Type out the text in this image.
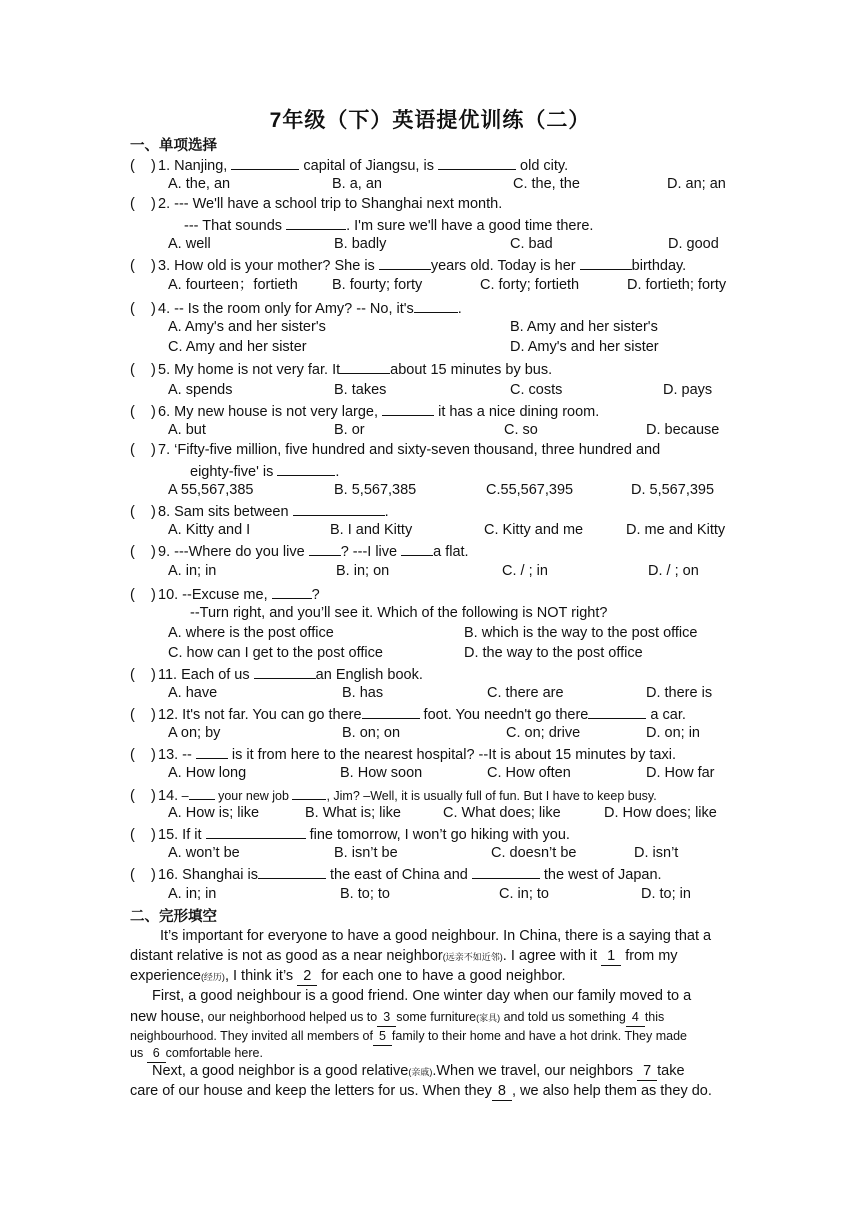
7年级（下）英语提优训练（二）
一、单项选择
(    ) 1. Nanjing,	capital of Jiangsu, is	old city.
A. the, an	B. a, an	C. the, the	D. an; an
(    ) 2. --- We'll have a school trip to Shanghai next month.
--- That sounds	. I'm sure we'll have a good time there.
A. well	B. badly	C. bad	D. good
(    ) 3. How old is your mother? She is	years old. Today is her	birthday.
A. fourteen；fortieth B. fourty; forty	C. forty; fortieth	D. fortieth; forty
(    ) 4. -- Is the room only for Amy? -- No, it's	.
A. Amy's and her sister's	B. Amy and her sister's
C. Amy and her sister	D. Amy's and her sister
(    ) 5. My home is not very far. It	about 15 minutes by bus.
A. spends	B. takes	C. costs	D. pays
(    ) 6. My new house is not very large,	it has a nice dining room.
A. but	B. or	C. so	D. because
(    ) 7. ‘Fifty-five million, five hundred and sixty-seven thousand, three hundred and
eighty-five' is	.
A 55,567,385	B. 5,567,385	C.55,567,395	D. 5,567,395
(    ) 8. Sam sits between	.
A. Kitty and I	B. I and Kitty	C. Kitty and me	D. me and Kitty
(    ) 9. ---Where do you live ? ---I live a flat.
A. in; in	B. in; on	C. / ; in	D. / ; on
(    ) 10. --Excuse me,	?
--Turn right, and you’ll see it. Which of the following is NOT right?
A. where is the post office	B. which is the way to the post office
C. how can I get to the post office	D. the way to the post office
(    ) 11. Each of us	an English book.
A. have	B. has	C. there are	D. there is
(    ) 12. It's not far. You can go there	foot. You needn't go there	a car.
A on; by	B. on; on	C. on; drive	D. on; in
(    ) 13. --  is it from here to the nearest hospital? --It is about 15 minutes by taxi.
A. How long	B. How soon	C. How often	D. How far
(    ) 14. – your new job	, Jim? –Well, it is usually full of fun. But I have to keep busy.
A. How is; like	B. What is; like	C. What does; like	D. How does; like
(    ) 15. If it	fine tomorrow, I won’t go hiking with you.
A. won’t be	B. isn’t be	C. doesn’t be	D. isn’t
(    ) 16. Shanghai is	the east of China and	the west of Japan.
A. in; in	B. to; to	C. in; to	D. to; in
二、完形填空
It’s important for everyone to have a good neighbour. In China, there is a saying that a
distant relative is not as good as a near neighbor(远亲不如近邻). I agree with it 1 from my
experience(经历), I think it’s 2 for each one to have a good neighbor.
First, a good neighbour is a good friend. One winter day when our family moved to a
new house, our neighborhood helped us to 3 some furniture(家具) and told us something 4 this
neighbourhood. They invited all members of 5 family to their home and have a hot drink. They made
us 6 comfortable here.
Next, a good neighbor is a good relative(亲戚).When we travel, our neighbors 7 take
care of our house and keep the letters for us. When they 8 , we also help them as they do.
